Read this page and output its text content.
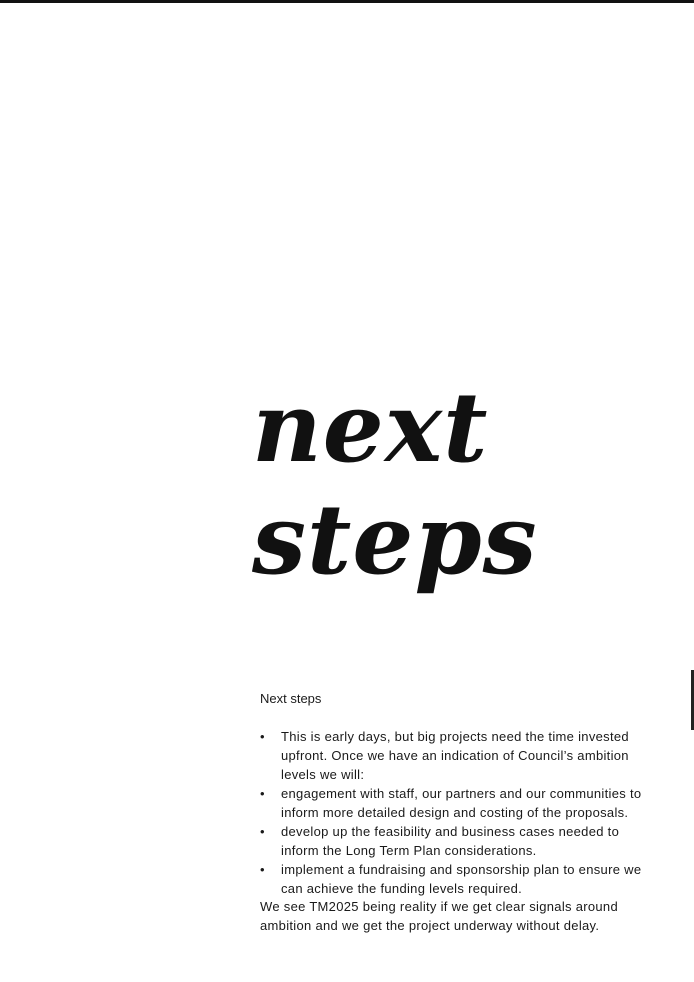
next
steps
Next steps
• This is early days, but big projects need the time invested upfront. Once we have an indication of Council’s ambition levels we will:
• engagement with staff, our partners and our communities to inform more detailed design and costing of the proposals.
• develop up the feasibility and business cases needed to inform the Long Term Plan considerations.
• implement a fundraising and sponsorship plan to ensure we can achieve the funding levels required.

We see TM2025 being reality if we get clear signals around ambition and we get the project underway without delay.
